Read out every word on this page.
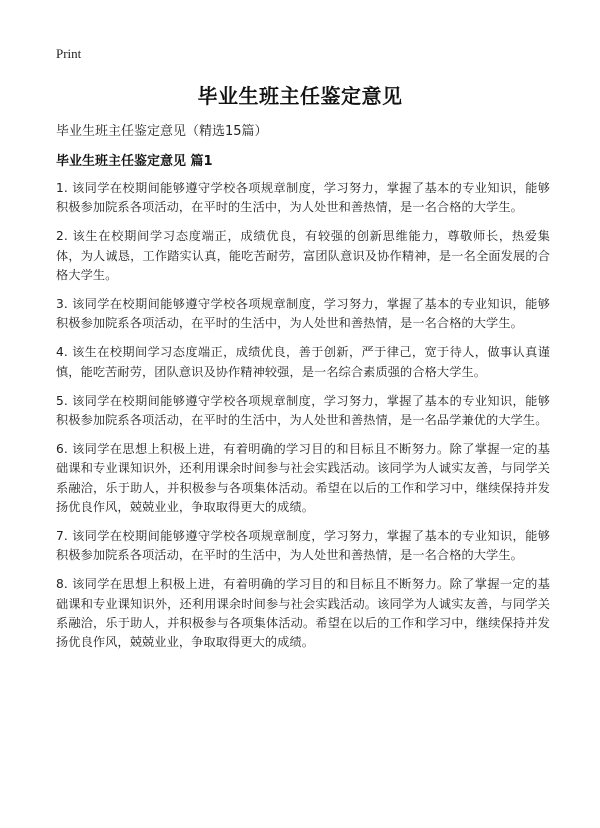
Print
毕业生班主任鉴定意见
毕业生班主任鉴定意见（精选15篇）
毕业生班主任鉴定意见 篇1

1. 该同学在校期间能够遵守学校各项规章制度，学习努力，掌握了基本的专业知识，能够积极参加院系各项活动，在平时的生活中，为人处世和善热情，是一名合格的大学生。

2. 该生在校期间学习态度端正，成绩优良，有较强的创新思维能力，尊敬师长，热爱集体，为人诚恳，工作踏实认真，能吃苦耐劳，富团队意识及协作精神，是一名全面发展的合格大学生。

3. 该同学在校期间能够遵守学校各项规章制度，学习努力，掌握了基本的专业知识，能够积极参加院系各项活动，在平时的生活中，为人处世和善热情，是一名合格的大学生。

4. 该生在校期间学习态度端正，成绩优良，善于创新，严于律己，宽于待人，做事认真谨慎，能吃苦耐劳，团队意识及协作精神较强，是一名综合素质强的合格大学生。

5. 该同学在校期间能够遵守学校各项规章制度，学习努力，掌握了基本的专业知识，能够积极参加院系各项活动，在平时的生活中，为人处世和善热情，是一名品学兼优的大学生。

6. 该同学在思想上积极上进，有着明确的学习目的和目标且不断努力。除了掌握一定的基础课和专业课知识外，还利用课余时间参与社会实践活动。该同学为人诚实友善，与同学关系融洽，乐于助人，并积极参与各项集体活动。希望在以后的工作和学习中，继续保持并发扬优良作风，兢兢业业，争取取得更大的成绩。

7. 该同学在校期间能够遵守学校各项规章制度，学习努力，掌握了基本的专业知识，能够积极参加院系各项活动，在平时的生活中，为人处世和善热情，是一名合格的大学生。

8. 该同学在思想上积极上进，有着明确的学习目的和目标且不断努力。除了掌握一定的基础课和专业课知识外，还利用课余时间参与社会实践活动。该同学为人诚实友善，与同学关系融洽，乐于助人，并积极参与各项集体活动。希望在以后的工作和学习中，继续保持并发扬优良作风，兢兢业业，争取取得更大的成绩。
